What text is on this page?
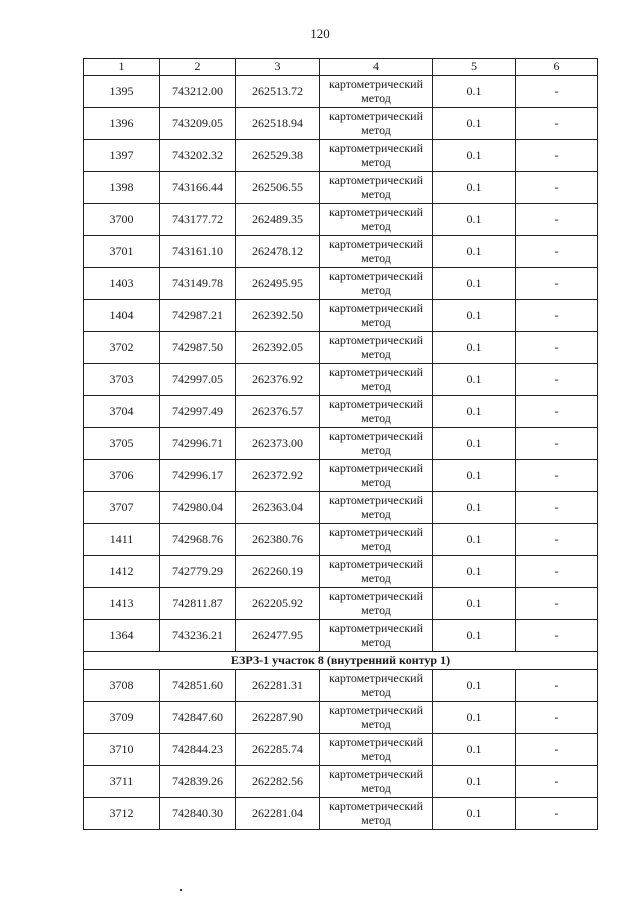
120
1	2	3	4	5	6
1395	743212.00	262513.72	картометрический метод	0.1	-
1396	743209.05	262518.94	картометрический метод	0.1	-
1397	743202.32	262529.38	картометрический метод	0.1	-
1398	743166.44	262506.55	картометрический метод	0.1	-
3700	743177.72	262489.35	картометрический метод	0.1	-
3701	743161.10	262478.12	картометрический метод	0.1	-
1403	743149.78	262495.95	картометрический метод	0.1	-
1404	742987.21	262392.50	картометрический метод	0.1	-
3702	742987.50	262392.05	картометрический метод	0.1	-
3703	742997.05	262376.92	картометрический метод	0.1	-
3704	742997.49	262376.57	картометрический метод	0.1	-
3705	742996.71	262373.00	картометрический метод	0.1	-
3706	742996.17	262372.92	картометрический метод	0.1	-
3707	742980.04	262363.04	картометрический метод	0.1	-
1411	742968.76	262380.76	картометрический метод	0.1	-
1412	742779.29	262260.19	картометрический метод	0.1	-
1413	742811.87	262205.92	картометрический метод	0.1	-
1364	743236.21	262477.95	картометрический метод	0.1	-
ЕЗРЗ-1 участок 8 (внутренний контур 1)					
3708	742851.60	262281.31	картометрический метод	0.1	-
3709	742847.60	262287.90	картометрический метод	0.1	-
3710	742844.23	262285.74	картометрический метод	0.1	-
3711	742839.26	262282.56	картометрический метод	0.1	-
3712	742840.30	262281.04	картометрический метод	0.1	-
